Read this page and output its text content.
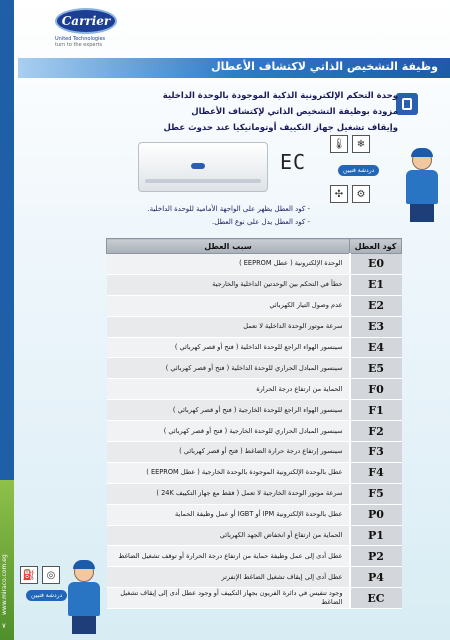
www.miraco.com.eg
٧
Carrier
United Technologies
turn to the experts
وظيفة التشخيص الذاتي لاكتشاف الأعطال

وحدة التحكم الإلكترونية الذكية الموجودة بالوحدة الداخلية

مزودة بوظيفة التشخيص الذاتي لإكتشاف الأعطال

وإيقاف تشغيل جهاز التكييف أوتوماتيكيا عند حدوث عطل

EC
🌡	❄
✣	⚙
دردشة فنيين

- كود العطل يظهر على الواجهة الأمامية للوحدة الداخلية.

- كود العطل يدل على نوع العطل.

كود العطل	سبب العطل
E0	الوحدة الإلكترونية ( عطل EEPROM )
E1	خطأ في التحكم بين الوحدتين الداخلية والخارجية
E2	عدم وصول التيار الكهربائي
E3	سرعة موتور الوحدة الداخلية لا تعمل
E4	سينسور الهواء الراجع للوحدة الداخلية ( فتح أو قصر كهربائي )
E5	سينسور المبادل الحراري للوحدة الداخلية ( فتح أو قصر كهربائي )
F0	الحماية من ارتفاع درجة الحرارة
F1	سينسور الهواء الراجع للوحدة الخارجية ( فتح أو قصر كهربائي )
F2	سينسور المبادل الحراري للوحدة الخارجية ( فتح أو قصر كهربائي )
F3	سينسور إرتفاع درجة حرارة الضاغط ( فتح أو قصر كهربائي )
F4	عطل بالوحدة الإلكترونية الموجودة بالوحدة الخارجية ( عطل EEPROM )
F5	سرعة موتور الوحدة الخارجية لا تعمل ( فقط مع جهاز التكييف 24K )
P0	عطل بالوحدة الإلكترونية IPM أو IGBT أو عمل وظيفة الحماية
P1	الحماية من ارتفاع أو انخفاض الجهد الكهربائي
P2	عطل أدى إلى عمل وظيفة حماية من ارتفاع درجة الحرارة أو توقف تشغيل الضاغط
P4	عطل أدى إلى إيقاف تشغيل الضاغط الإنفرتر
EC	وجود تنفيس في دائرة الفريون بجهاز التكييف أو وجود عطل أدى إلى إيقاف تشغيل الضاغط
⛽	◎
دردشة فنيين
